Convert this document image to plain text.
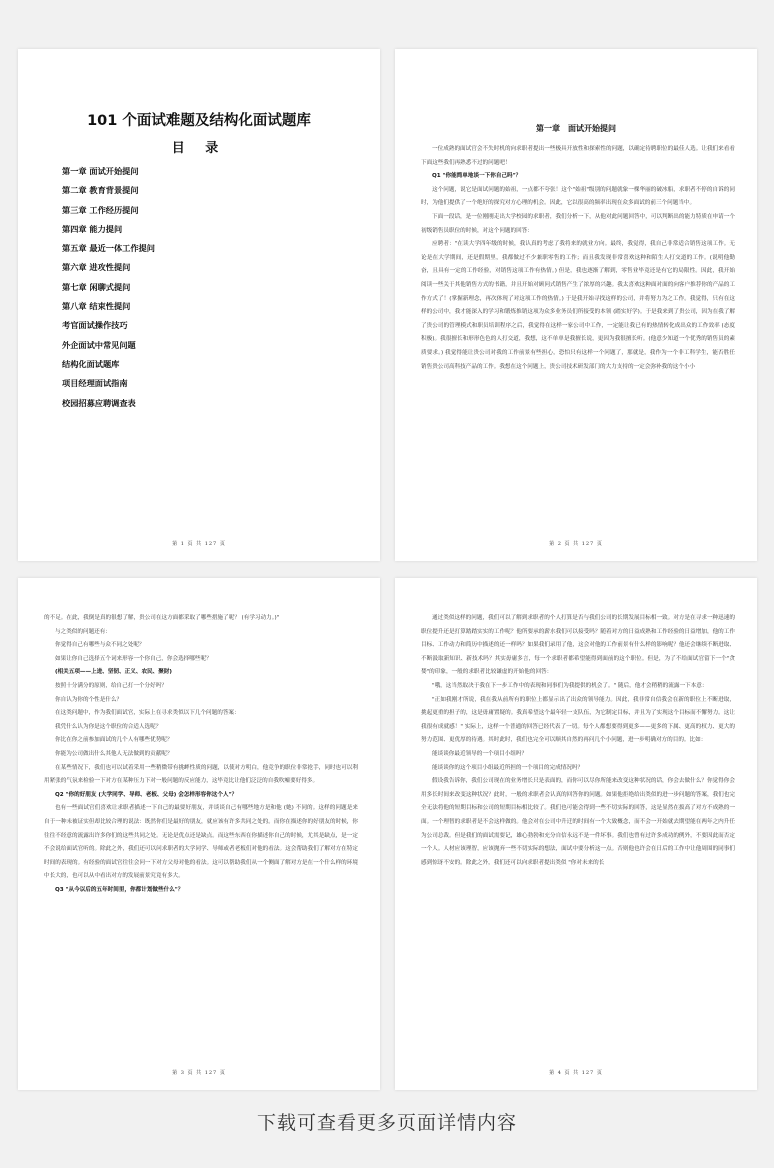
101 个面试难题及结构化面试题库
目 录
第一章 面试开始提问
第二章 教育背景提问
第三章 工作经历提问
第四章 能力提问
第五章 最近一体工作提问
第六章 进攻性提问
第七章 闲聊式提问
第八章 结束性提问
考官面试操作技巧
外企面试中常见问题
结构化面试题库
项目经理面试指南
校园招募应聘调查表
第 1 页 共 127 页
第一章　面试开始提问

一位成熟的面试官会不失时机的向求职者提出一些极具开放性和探索性的问题，以确定待聘职位的最佳人选。让我们来看看下面这些我们再熟悉不过的问题吧！

Q1 "你能简单地谈一下你自己吗"？

这个问题，说它是面试问题的始祖，一点都不夸张！这个"始祖"级别的问题就象一棵华丽的破冰船，求职者不停的自诉的同时，为他们提供了一个绝好的探究对方心理的机会。因此，它以很高的频率出现在众多面试的前三个问题当中。

下面一段话，是一位刚刚走出大学校园的求职者，我们分析一下，从他对此问题回答中，可以判断出的能力特质在申请一个初级销售员职位的时候，对这个问题的回答：

应聘者："在读大学四年级的时候，我认真的考虑了我将来的就业方向。最终，我觉得，我自己非常适合销售这项工作。无论是在大学期间，还是假期里，我都做过不少兼职零售的工作；而且我发现非常喜欢这种和陌生人打交道的工作。(说明他勤奋，且具有一定的工作经验，对销售这项工作有热情。) 但是，我也逐渐了解到，零售业毕竟还是有它的局限性。因此，我开始阅读一些关于其他销售方式的书籍，并且开始对顾问式销售产生了浓厚的兴趣。我太喜欢这种面对面的向客户推荐你的产品的工作方式了！(掌握新理念，再次体现了对这项工作的热情。) 于是我开始寻找这样的公司，并将努力为之工作。我觉得，只有在这样的公司中，我才能深入的学习和锻炼推销这项为众多业务员们所接受的本领 (踏实好学)。于是我来到了贵公司，因为在我了解了贵公司的管理模式和职员培训程序之后，我觉得在这样一家公司中工作，一定能让我已有的热情转化成出众的工作效率 (态度积极)。我很擅长和形形色色的人打交道，我想，这不单单是我擅长说，更因为我很擅长听。(他意少知道一个优秀的销售员的素质要求。) 我觉得能让贵公司对我的工作前景有些担心，恐怕只有这样一个问题了，那就是，我作为一个非工科学生，能否胜任销售贵公司高科技产品的工作。我想在这个问题上，贵公司技术研发部门的大力支持的一定会弥补我的这个小小

第 2 页 共 127 页

的不足。在此，我倒是真的很想了解，贵公司在这方面都采取了哪些措施了呢？ (有学习动力。)"

与之类似的问题还有：

你觉得自己有哪些与众不同之处呢？

如果让你自己选择五个词来形容一个你自己，你会选择哪些呢？

(相关五项——上进、坚韧、正义、农民、聚財)

按照十分满分的原则，给自己打一个分好吗？

你自认为你的个性是什么？

在这类问题中，作为我们面试官，实际上在寻求类似以下几个问题的答案：

我凭什么认为你是这个职位的合适人选呢？

你比在你之前参加面试的几个人有哪些优势呢？

你能为公司做出什么其他人无法做到的贡献呢？

在某些情况下，我们也可以试着采用一些稍微带有挑衅性质的问题，以使对方明白，他竞争的职位非常抢手，同时也可以利用紧张的气氛来检验一下对方在某种压力下对一般问题的反应能力，这毕竟比让他们泛泛的自我吹嘘要好得多。

Q2 "你的好朋友 (大学同学、导师、老板、父母) 会怎样形容你这个人"？

也有一些面试官们喜欢让求职者描述一下自己的最要好朋友，并谈谈自己有哪些地方是和他 (她) 不同的。这样的问题是来自于一种未被证实但却比较合理的说法：既然你们是最好的朋友，就应该有许多共同之处的。而你在描述你的好朋友的时候，你往往不经意的流露出许多你们的这些共同之处。无论是优点还是缺点。而这些东西在你描述你自己的时候，尤其是缺点，是一定不会说给面试官听的。除此之外，我们还可以问求职者的大学同学、导师或者老板们对他的看法。这会帮助我们了解对方在特定时间的表现的。有经验的面试官往往会问一下对方父母对他的看法。这可以帮助我们从一个侧面了解对方是在一个什么样的环境中长大的，也可以从中看出对方的发展前景究竟有多大。

Q3 "从今以后的五年时间里，你都计划做些什么"？

第 3 页 共 127 页

通过类似这样的问题，我们可以了解到求职者的个人打算是否与我们公司的长期发展目标相一致。对方是在寻求一种迅速的职位提升还是打算踏踏实实的工作呢？他所要承的薪水我们可以接受吗？随着对方的日益成熟和工作经验的日益增加，他的工作目标、工作动力和简历中描述的还一样吗？如果我们录用了他，这会对他的工作前景有什么样的影响呢？他还会继续不断进取、不断汲取新知识、新技术吗？其实毋庸多言，每一个求职者都希望能得到面前的这个职位。但是，为了不给面试官留下一个"贪婪"的印象，一般的求职者比较谦虚的开始他的回答：

"哦，这当然取决于我在下一步工作中的表现和同事们为我提供的机会了。" 随后，他才会稍稍的流露一下本意：

"正如我刚才所说，我在我从前所有的职位上都显示出了出众的领导能力。因此，我非常自信我会在新的职位上不断进取，挑起更重的担子的，这是毋庸置疑的。我真希望这个最年轻一支队伍，为它制定目标，并且为了实现这个目标而不懈努力。这让我很有成就感！" 实际上，这样一个普通的回答已经代表了一切。每个人都想要得到更多——更多的下属、更高的权力、更大的努力范围、更优厚的待遇。其时此时，我们也完全可以顺其自然的再问几个小问题，进一步明确对方的目的。比如：

能谈谈你最近领导的一个项目小组吗？

能谈谈你的这个项目小组最近所担的一个项目的完成情况吗？

假设我告诉你，我们公司现在的业务增长只是表面的，而你可以尽你所能来改变这种状况的话，你会去做什么？你觉得你会用多长时间来改变这种状况？此时，一般的求职者会认真的回答你的问题。如果他拒绝给出类似的进一步问题的答案，我们也完全无法将他的短期目标和公司的短期目标相比较了。我们也可能会得到一些不切实际的回答，这是显然在拔高了对方不成熟的一面。一个理智的求职者是不会这样做的。他会对在公司中升迁的时间有一个大致概念，而不会一开始就去期望能在两年之内升任为公司总裁。但是我们的面试需要记，雄心勃勃和充分自信永远不是一件坏事。我们也曾有过许多成功的例外，不要因此而否定一个人。人材应该理智，应该抛弃一些不切实际的想法，面试中要分析这一点。否则他也许会在日后的工作中让他周围的同事们感到惊讶不安的。除此之外，我们还可以向求职者提出类似 "你对未来的长

第 4 页 共 127 页
下载可查看更多页面详情内容
